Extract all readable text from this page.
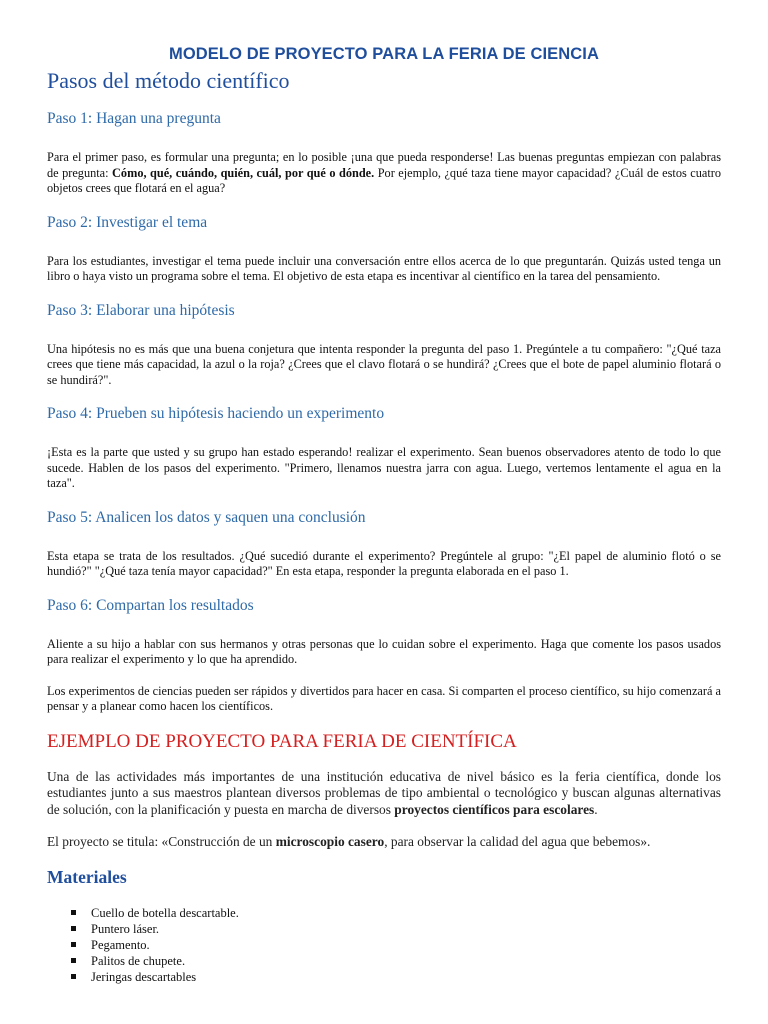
MODELO DE PROYECTO PARA LA FERIA DE CIENCIA
Pasos del método científico
Paso 1: Hagan una pregunta

Para el primer paso, es formular una pregunta; en lo posible ¡una que pueda responderse! Las buenas preguntas empiezan con palabras de pregunta: Cómo, qué, cuándo, quién, cuál, por qué o dónde. Por ejemplo, ¿qué taza tiene mayor capacidad? ¿Cuál de estos cuatro objetos crees que flotará en el agua?

Paso 2: Investigar el tema

Para los estudiantes, investigar el tema puede incluir una conversación entre ellos acerca de lo que preguntarán. Quizás usted tenga un libro o haya visto un programa sobre el tema. El objetivo de esta etapa es incentivar al científico en la tarea del pensamiento.

Paso 3: Elaborar una hipótesis

Una hipótesis no es más que una buena conjetura que intenta responder la pregunta del paso 1. Pregúntele a tu compañero: "¿Qué taza crees que tiene más capacidad, la azul o la roja? ¿Crees que el clavo flotará o se hundirá? ¿Crees que el bote de papel aluminio flotará o se hundirá?".

Paso 4: Prueben su hipótesis haciendo un experimento

¡Esta es la parte que usted y su grupo han estado esperando! realizar el experimento. Sean buenos observadores atento de todo lo que sucede. Hablen de los pasos del experimento. "Primero, llenamos nuestra jarra con agua. Luego, vertemos lentamente el agua en la taza".

Paso 5: Analicen los datos y saquen una conclusión

Esta etapa se trata de los resultados. ¿Qué sucedió durante el experimento? Pregúntele al grupo: "¿El papel de aluminio flotó o se hundió?" "¿Qué taza tenía mayor capacidad?" En esta etapa, responder la pregunta elaborada en el paso 1.

Paso 6: Compartan los resultados

Aliente a su hijo a hablar con sus hermanos y otras personas que lo cuidan sobre el experimento. Haga que comente los pasos usados para realizar el experimento y lo que ha aprendido.

Los experimentos de ciencias pueden ser rápidos y divertidos para hacer en casa. Si comparten el proceso científico, su hijo comenzará a pensar y a planear como hacen los científicos.

EJEMPLO DE PROYECTO PARA FERIA DE CIENTÍFICA

Una de las actividades más importantes de una institución educativa de nivel básico es la feria científica, donde los estudiantes junto a sus maestros plantean diversos problemas de tipo ambiental o tecnológico y buscan algunas alternativas de solución, con la planificación y puesta en marcha de diversos proyectos científicos para escolares.

El proyecto se titula: «Construcción de un microscopio casero, para observar la calidad del agua que bebemos».

Materiales
Cuello de botella descartable.
Puntero láser.
Pegamento.
Palitos de chupete.
Jeringas descartables
